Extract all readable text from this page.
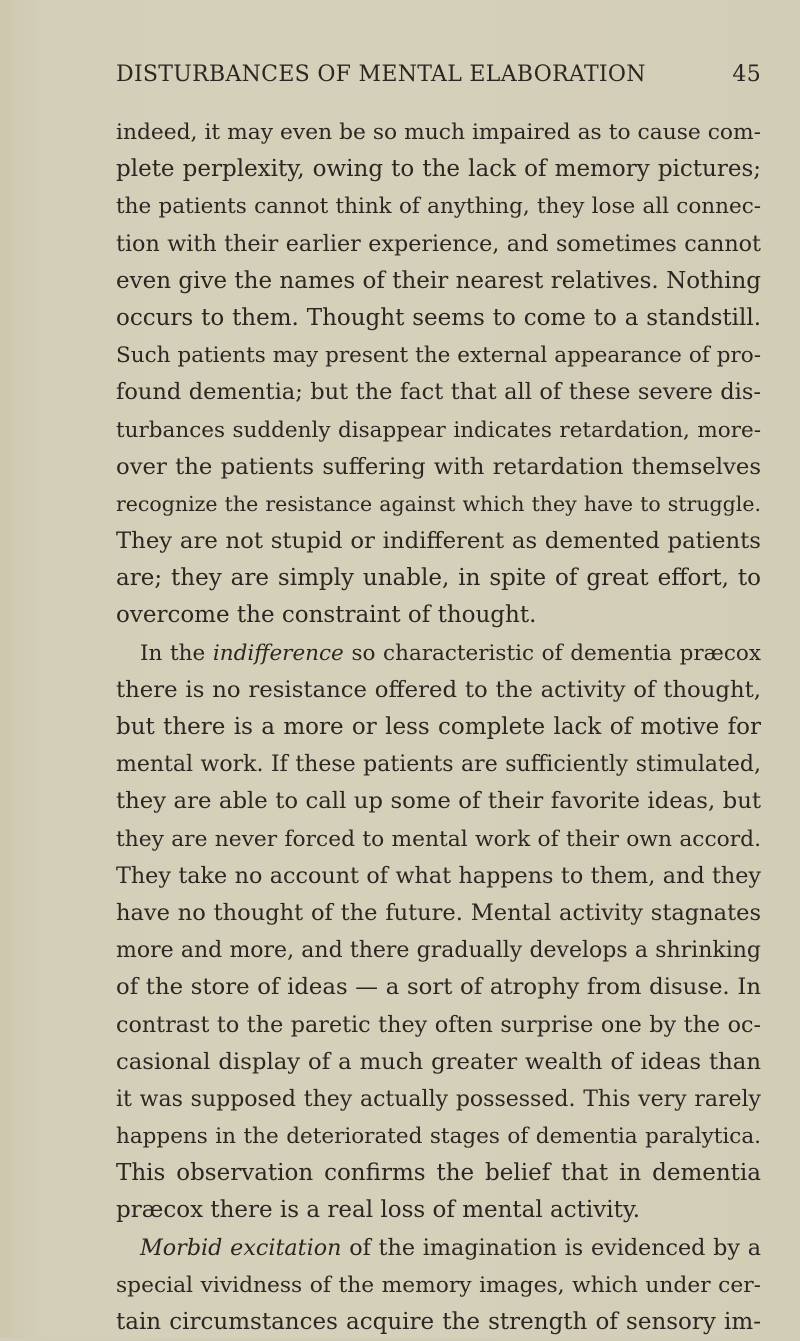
DISTURBANCES OF MENTAL ELABORATION	45
indeed, it may even be so much impaired as to cause com-
plete perplexity, owing to the lack of memory pictures;
the patients cannot think of anything, they lose all connec-
tion with their earlier experience, and sometimes cannot
even give the names of their nearest relatives. Nothing
occurs to them. Thought seems to come to a standstill.
Such patients may present the external appearance of pro-
found dementia; but the fact that all of these severe dis-
turbances suddenly disappear indicates retardation, more-
over the patients suffering with retardation themselves
recognize the resistance against which they have to struggle.
They are not stupid or indifferent as demented patients
are; they are simply unable, in spite of great effort, to
overcome the constraint of thought.
In the indifference so characteristic of dementia præcox
there is no resistance offered to the activity of thought,
but there is a more or less complete lack of motive for
mental work. If these patients are sufficiently stimulated,
they are able to call up some of their favorite ideas, but
they are never forced to mental work of their own accord.
They take no account of what happens to them, and they
have no thought of the future. Mental activity stagnates
more and more, and there gradually develops a shrinking
of the store of ideas — a sort of atrophy from disuse. In
contrast to the paretic they often surprise one by the oc-
casional display of a much greater wealth of ideas than
it was supposed they actually possessed. This very rarely
happens in the deteriorated stages of dementia paralytica.
This observation confirms the belief that in dementia
præcox there is a real loss of mental activity.
Morbid excitation of the imagination is evidenced by a
special vividness of the memory images, which under cer-
tain circumstances acquire the strength of sensory im-
